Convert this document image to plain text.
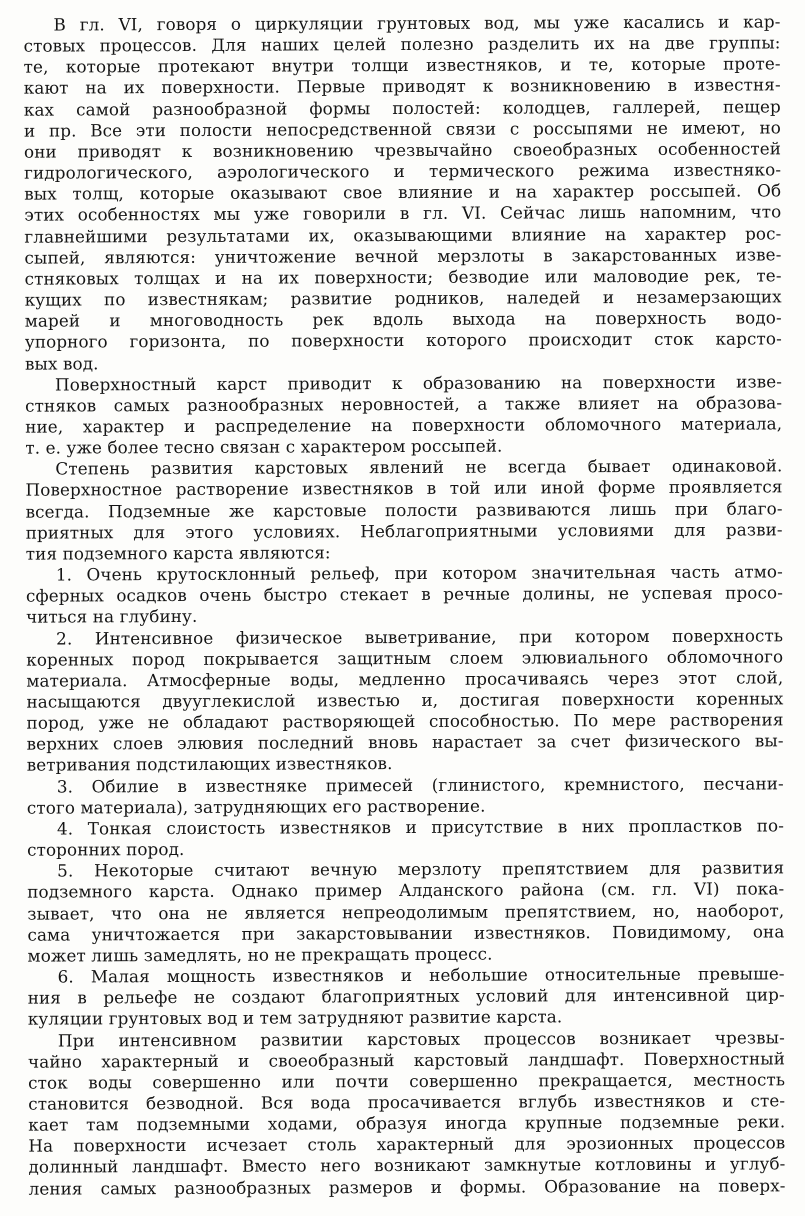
В гл. VI, говоря о циркуляции грунтовых вод, мы уже касались и кар-
стовых процессов. Для наших целей полезно разделить их на две группы:
те, которые протекают внутри толщи известняков, и те, которые проте-
кают на их поверхности. Первые приводят к возникновению в известня-
ках самой разнообразной формы полостей: колодцев, галлерей, пещер
и пр. Все эти полости непосредственной связи с россыпями не имеют, но
они приводят к возникновению чрезвычайно своеобразных особенностей
гидрологического, аэрологического и термического режима известняко-
вых толщ, которые оказывают свое влияние и на характер россыпей. Об
этих особенностях мы уже говорили в гл. VI. Сейчас лишь напомним, что
главнейшими результатами их, оказывающими влияние на характер рос-
сыпей, являются: уничтожение вечной мерзлоты в закарстованных изве-
стняковых толщах и на их поверхности; безводие или маловодие рек, те-
кущих по известнякам; развитие родников, наледей и незамерзающих
марей и многоводность рек вдоль выхода на поверхность водо-
упорного горизонта, по поверхности которого происходит сток карсто-
вых вод.
Поверхностный карст приводит к образованию на поверхности изве-
стняков самых разнообразных неровностей, а также влияет на образова-
ние, характер и распределение на поверхности обломочного материала,
т. е. уже более тесно связан с характером россыпей.
Степень развития карстовых явлений не всегда бывает одинаковой.
Поверхностное растворение известняков в той или иной форме проявляется
всегда. Подземные же карстовые полости развиваются лишь при благо-
приятных для этого условиях. Неблагоприятными условиями для разви-
тия подземного карста являются:
1. Очень крутосклонный рельеф, при котором значительная часть атмо-
сферных осадков очень быстро стекает в речные долины, не успевая просо-
читься на глубину.
2. Интенсивное физическое выветривание, при котором поверхность
коренных пород покрывается защитным слоем элювиального обломочного
материала. Атмосферные воды, медленно просачиваясь через этот слой,
насыщаются двууглекислой известью и, достигая поверхности коренных
пород, уже не обладают растворяющей способностью. По мере растворения
верхних слоев элювия последний вновь нарастает за счет физического вы-
ветривания подстилающих известняков.
3. Обилие в известняке примесей (глинистого, кремнистого, песчани-
стого материала), затрудняющих его растворение.
4. Тонкая слоистость известняков и присутствие в них пропластков по-
сторонних пород.
5. Некоторые считают вечную мерзлоту препятствием для развития
подземного карста. Однако пример Алданского района (см. гл. VI) пока-
зывает, что она не является непреодолимым препятствием, но, наоборот,
сама уничтожается при закарстовывании известняков. Повидимому, она
может лишь замедлять, но не прекращать процесс.
6. Малая мощность известняков и небольшие относительные превыше-
ния в рельефе не создают благоприятных условий для интенсивной цир-
куляции грунтовых вод и тем затрудняют развитие карста.
При интенсивном развитии карстовых процессов возникает чрезвы-
чайно характерный и своеобразный карстовый ландшафт. Поверхностный
сток воды совершенно или почти совершенно прекращается, местность
становится безводной. Вся вода просачивается вглубь известняков и сте-
кает там подземными ходами, образуя иногда крупные подземные реки.
На поверхности исчезает столь характерный для эрозионных процессов
долинный ландшафт. Вместо него возникают замкнутые котловины и углуб-
ления самых разнообразных размеров и формы. Образование на поверх-
